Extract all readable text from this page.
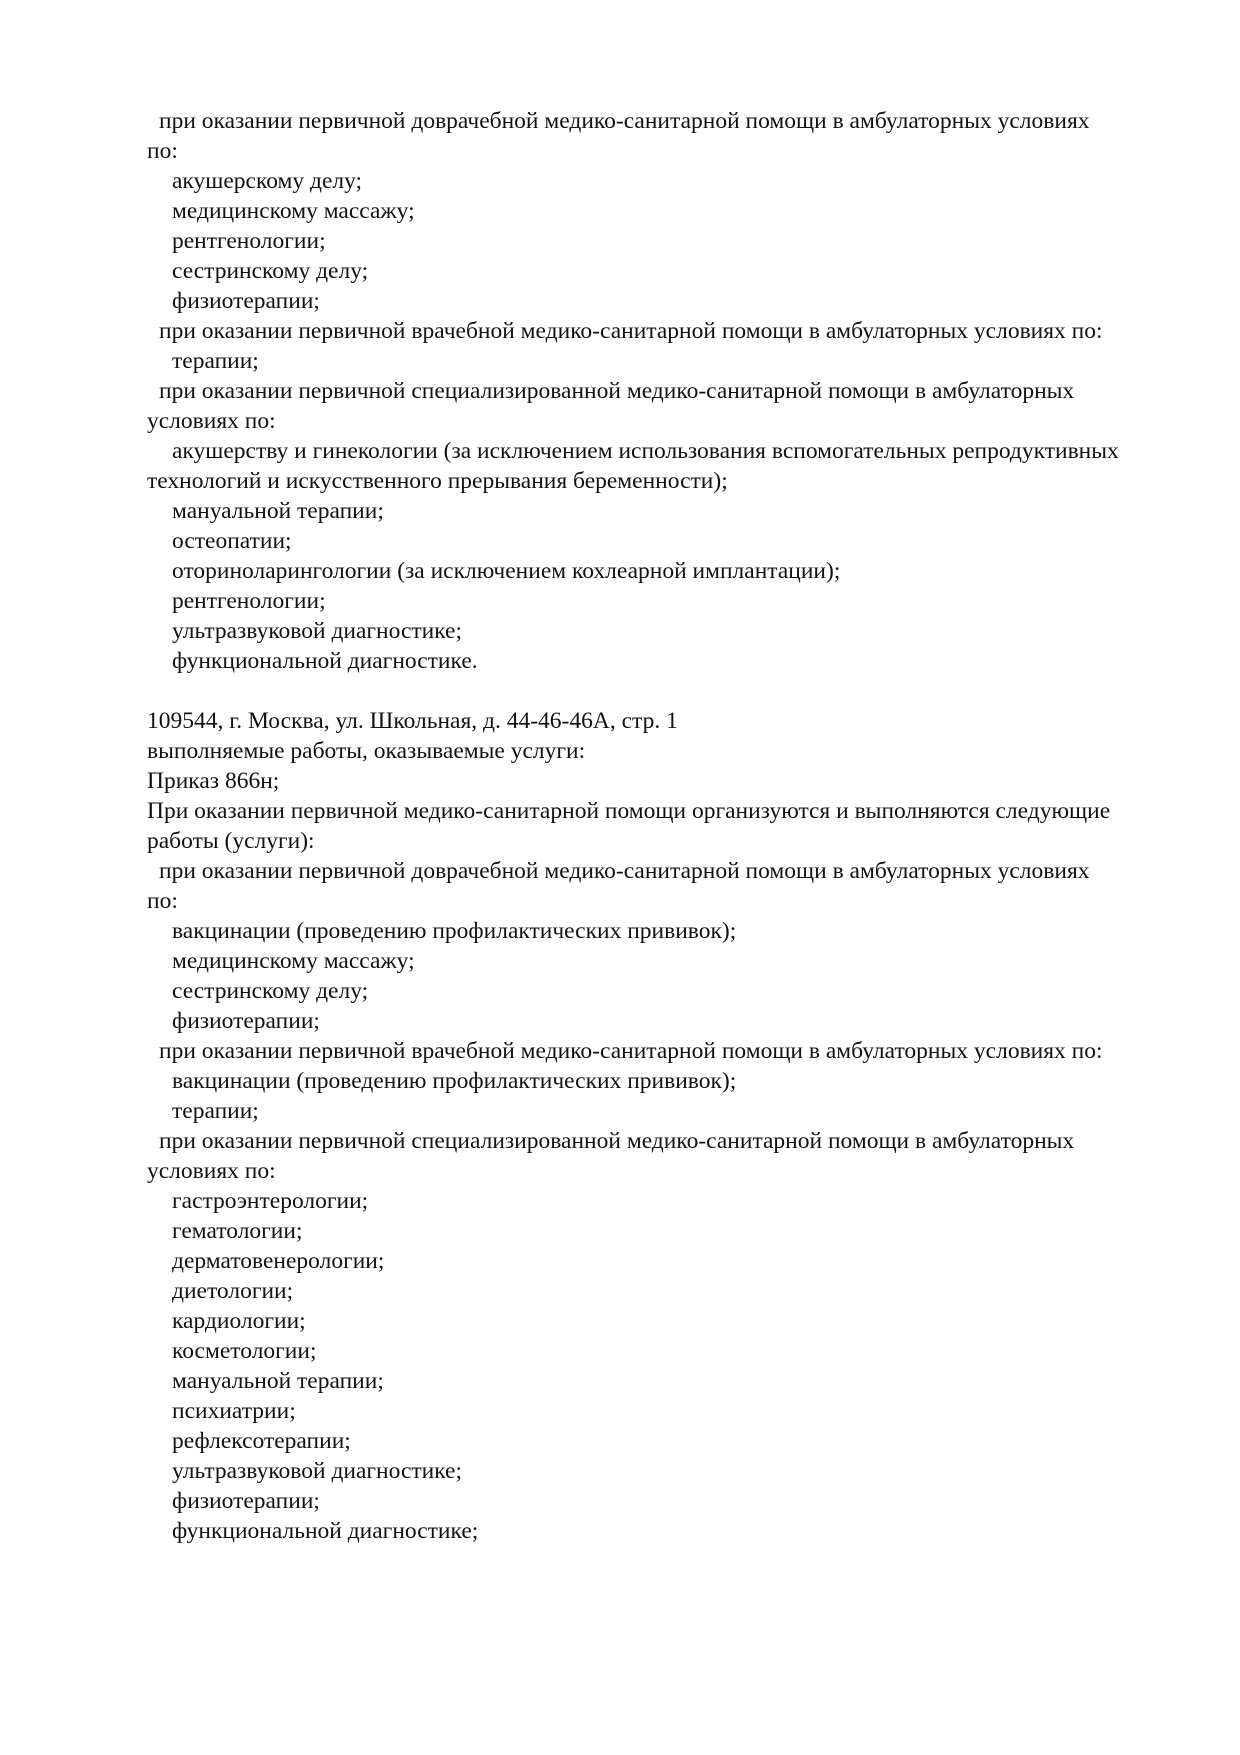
при оказании первичной доврачебной медико-санитарной помощи в амбулаторных условиях
по:
акушерскому делу;
медицинскому массажу;
рентгенологии;
сестринскому делу;
физиотерапии;
при оказании первичной врачебной медико-санитарной помощи в амбулаторных условиях по:
терапии;
при оказании первичной специализированной медико-санитарной помощи в амбулаторных
условиях по:
акушерству и гинекологии (за исключением использования вспомогательных репродуктивных
технологий и искусственного прерывания беременности);
мануальной терапии;
остеопатии;
оториноларингологии (за исключением кохлеарной имплантации);
рентгенологии;
ультразвуковой диагностике;
функциональной диагностике.
109544, г. Москва, ул. Школьная, д. 44-46-46А, стр. 1
выполняемые работы, оказываемые услуги:
Приказ 866н;
При оказании первичной медико-санитарной помощи организуются и выполняются следующие
работы (услуги):
при оказании первичной доврачебной медико-санитарной помощи в амбулаторных условиях
по:
вакцинации (проведению профилактических прививок);
медицинскому массажу;
сестринскому делу;
физиотерапии;
при оказании первичной врачебной медико-санитарной помощи в амбулаторных условиях по:
вакцинации (проведению профилактических прививок);
терапии;
при оказании первичной специализированной медико-санитарной помощи в амбулаторных
условиях по:
гастроэнтерологии;
гематологии;
дерматовенерологии;
диетологии;
кардиологии;
косметологии;
мануальной терапии;
психиатрии;
рефлексотерапии;
ультразвуковой диагностике;
физиотерапии;
функциональной диагностике;
